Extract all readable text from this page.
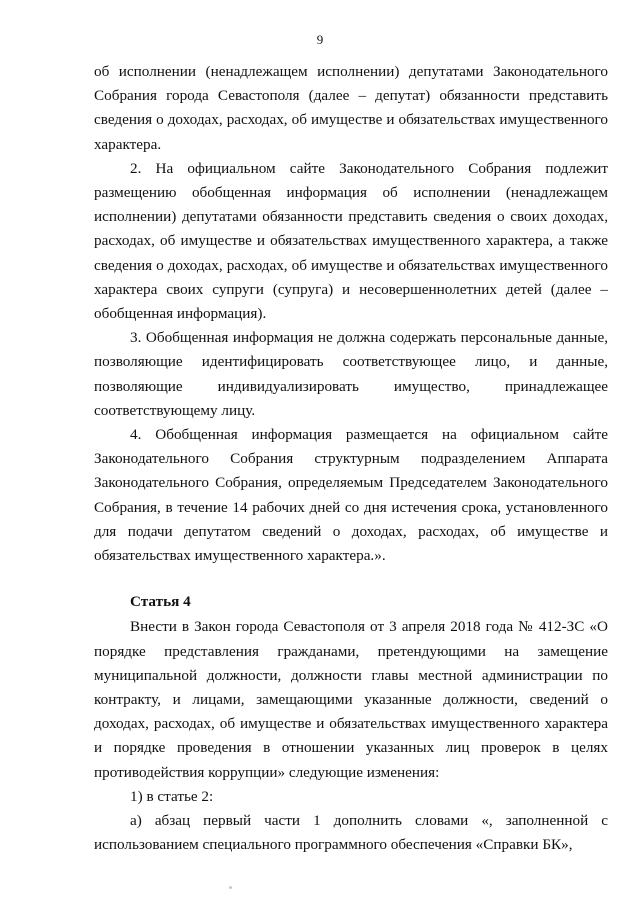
9

об исполнении (ненадлежащем исполнении) депутатами Законодательного Собрания города Севастополя (далее – депутат) обязанности представить сведения о доходах, расходах, об имуществе и обязательствах имущественного характера.

2. На официальном сайте Законодательного Собрания подлежит размещению обобщенная информация об исполнении (ненадлежащем исполнении) депутатами обязанности представить сведения о своих доходах, расходах, об имуществе и обязательствах имущественного характера, а также сведения о доходах, расходах, об имуществе и обязательствах имущественного характера своих супруги (супруга) и несовершеннолетних детей (далее – обобщенная информация).

3. Обобщенная информация не должна содержать персональные данные, позволяющие идентифицировать соответствующее лицо, и данные, позволяющие индивидуализировать имущество, принадлежащее соответствующему лицу.

4. Обобщенная информация размещается на официальном сайте Законодательного Собрания структурным подразделением Аппарата Законодательного Собрания, определяемым Председателем Законодательного Собрания, в течение 14 рабочих дней со дня истечения срока, установленного для подачи депутатом сведений о доходах, расходах, об имуществе и обязательствах имущественного характера.».

Статья 4

Внести в Закон города Севастополя от 3 апреля 2018 года № 412-ЗС «О порядке представления гражданами, претендующими на замещение муниципальной должности, должности главы местной администрации по контракту, и лицами, замещающими указанные должности, сведений о доходах, расходах, об имуществе и обязательствах имущественного характера и порядке проведения в отношении указанных лиц проверок в целях противодействия коррупции» следующие изменения:

1) в статье 2:

а) абзац первый части 1 дополнить словами «, заполненной с использованием специального программного обеспечения «Справки БК»,
